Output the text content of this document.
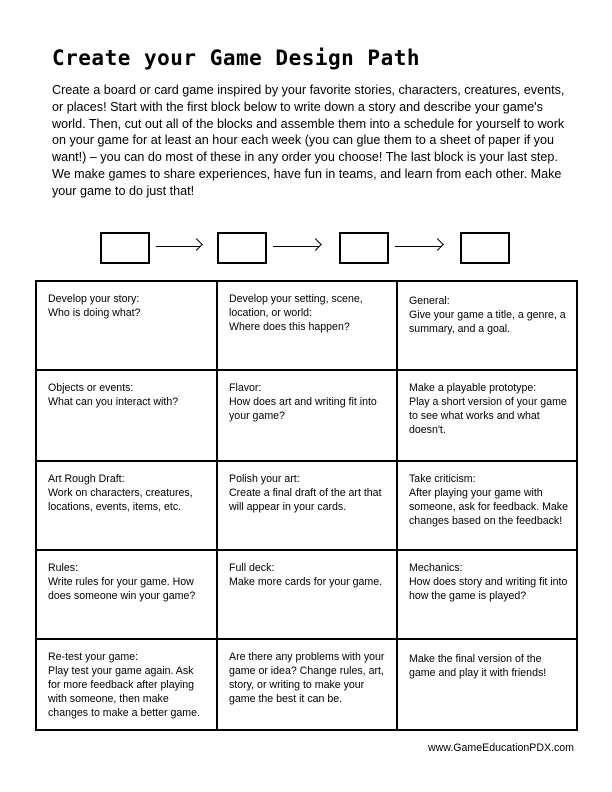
Create your Game Design Path

Create a board or card game inspired by your favorite stories, characters, creatures, events, or places! Start with the first block below to write down a story and describe your game's world. Then, cut out all of the blocks and assemble them into a schedule for yourself to work on your game for at least an hour each week (you can glue them to a sheet of paper if you want!) – you can do most of these in any order you choose! The last block is your last step.

We make games to share experiences, have fun in teams, and learn from each other. Make your game to do just that!

Develop your story:
Who is doing what?
Develop your setting, scene, location, or world:
Where does this happen?
General:
Give your game a title, a genre, a summary, and a goal.
Objects or events:
What can you interact with?
Flavor:
How does art and writing fit into your game?
Make a playable prototype:
Play a short version of your game to see what works and what doesn't.
Art Rough Draft:
Work on characters, creatures, locations, events, items, etc.
Polish your art:
Create a final draft of the art that will appear in your cards.
Take criticism:
After playing your game with someone, ask for feedback. Make changes based on the feedback!
Rules:
Write rules for your game. How does someone win your game?
Full deck:
Make more cards for your game.
Mechanics:
How does story and writing fit into how the game is played?
Re-test your game:
Play test your game again. Ask for more feedback after playing with someone, then make changes to make a better game.
Are there any problems with your game or idea? Change rules, art, story, or writing to make your game the best it can be.
Make the final version of the game and play it with friends!
www.GameEducationPDX.com
